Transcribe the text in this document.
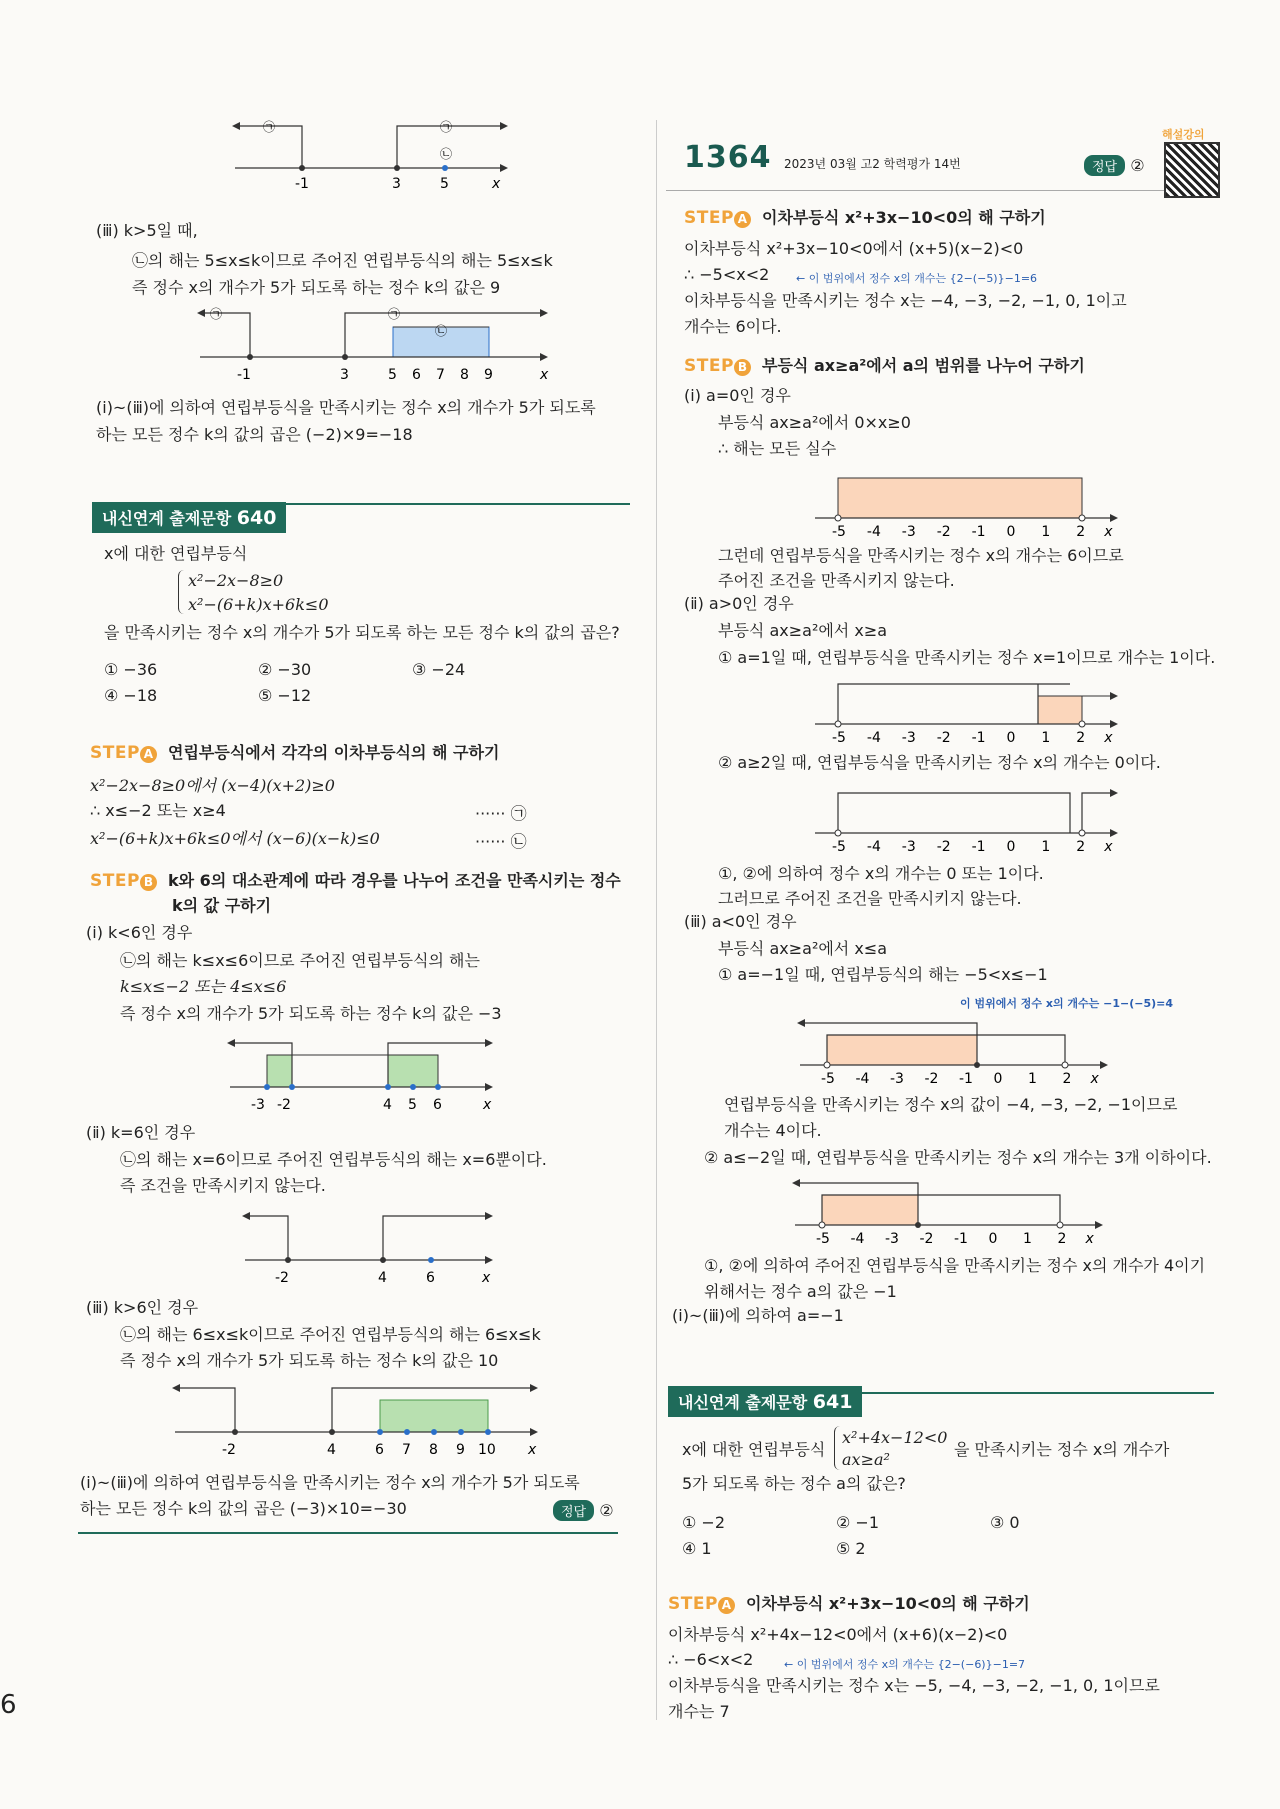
-1	3	5	x
㉠	㉠
㉡
(ⅲ) k>5일 때,
㉡의 해는 5≤x≤k이므로 주어진 연립부등식의 해는 5≤x≤k
즉 정수 x의 개수가 5가 되도록 하는 정수 k의 값은 9
-1	3	5 6 7 8 9	x
㉠	㉠
㉡
(ⅰ)~(ⅲ)에 의하여 연립부등식을 만족시키는 정수 x의 개수가 5가 되도록
하는 모든 정수 k의 값의 곱은 (−2)×9=−18
내신연계 출제문항 640
x에 대한 연립부등식
x²−2x−8≥0
x²−(6+k)x+6k≤0
을 만족시키는 정수 x의 개수가 5가 되도록 하는 모든 정수 k의 값의 곱은?
① −36	② −30	③ −24
④ −18	⑤ −12
STEP A 연립부등식에서 각각의 이차부등식의 해 구하기
x²−2x−8≥0에서 (x−4)(x+2)≥0
∴ x≤−2 또는 x≥4	······ ㉠
x²−(6+k)x+6k≤0에서 (x−6)(x−k)≤0	······ ㉡
STEP B k와 6의 대소관계에 따라 경우를 나누어 조건을 만족시키는 정수
k의 값 구하기
(ⅰ) k<6인 경우
㉡의 해는 k≤x≤6이므로 주어진 연립부등식의 해는
k≤x≤−2 또는 4≤x≤6
즉 정수 x의 개수가 5가 되도록 하는 정수 k의 값은 −3
-3 -2	4 5 6	x
(ⅱ) k=6인 경우
㉡의 해는 x=6이므로 주어진 연립부등식의 해는 x=6뿐이다.
즉 조건을 만족시키지 않는다.
-2	4	6	x
(ⅲ) k>6인 경우
㉡의 해는 6≤x≤k이므로 주어진 연립부등식의 해는 6≤x≤k
즉 정수 x의 개수가 5가 되도록 하는 정수 k의 값은 10
-2	4	6 7 8 9 10 x
(ⅰ)~(ⅲ)에 의하여 연립부등식을 만족시키는 정수 x의 개수가 5가 되도록
하는 모든 정수 k의 값의 곱은 (−3)×10=−30	정답 ②
6
1364 2023년 03월 고2 학력평가 14번	정답 ②
해설강의
STEP A 이차부등식 x²+3x−10<0의 해 구하기
이차부등식 x²+3x−10<0에서 (x+5)(x−2)<0
∴ −5<x<2 ← 이 범위에서 정수 x의 개수는 {2−(−5)}−1=6
이차부등식을 만족시키는 정수 x는 −4, −3, −2, −1, 0, 1이고
개수는 6이다.
STEP B 부등식 ax≥a²에서 a의 범위를 나누어 구하기
(ⅰ) a=0인 경우
부등식 ax≥a²에서 0×x≥0
∴ 해는 모든 실수
-5 -4 -3 -2 -1 0 1 2 x
그런데 연립부등식을 만족시키는 정수 x의 개수는 6이므로
주어진 조건을 만족시키지 않는다.
(ⅱ) a>0인 경우
부등식 ax≥a²에서 x≥a
① a=1일 때, 연립부등식을 만족시키는 정수 x=1이므로 개수는 1이다.
-5 -4 -3 -2 -1 0 1 2 x
② a≥2일 때, 연립부등식을 만족시키는 정수 x의 개수는 0이다.
-5 -4 -3 -2 -1 0 1 2 x
①, ②에 의하여 정수 x의 개수는 0 또는 1이다.
그러므로 주어진 조건을 만족시키지 않는다.
(ⅲ) a<0인 경우
부등식 ax≥a²에서 x≤a
① a=−1일 때, 연립부등식의 해는 −5<x≤−1
이 범위에서 정수 x의 개수는 −1−(−5)=4
-5 -4 -3 -2 -1 0 1 2 x
연립부등식을 만족시키는 정수 x의 값이 −4, −3, −2, −1이므로
개수는 4이다.
② a≤−2일 때, 연립부등식을 만족시키는 정수 x의 개수는 3개 이하이다.
-5 -4 -3 -2 -1 0 1 2 x
①, ②에 의하여 주어진 연립부등식을 만족시키는 정수 x의 개수가 4이기
위해서는 정수 a의 값은 −1
(ⅰ)~(ⅲ)에 의하여 a=−1
내신연계 출제문항 641
x에 대한 연립부등식
x²+4x−12<0
ax≥a²
을 만족시키는 정수 x의 개수가
5가 되도록 하는 정수 a의 값은?
① −2	② −1	③ 0
④ 1	⑤ 2
STEP A 이차부등식 x²+3x−10<0의 해 구하기
이차부등식 x²+4x−12<0에서 (x+6)(x−2)<0
∴ −6<x<2	← 이 범위에서 정수 x의 개수는 {2−(−6)}−1=7
이차부등식을 만족시키는 정수 x는 −5, −4, −3, −2, −1, 0, 1이므로
개수는 7
